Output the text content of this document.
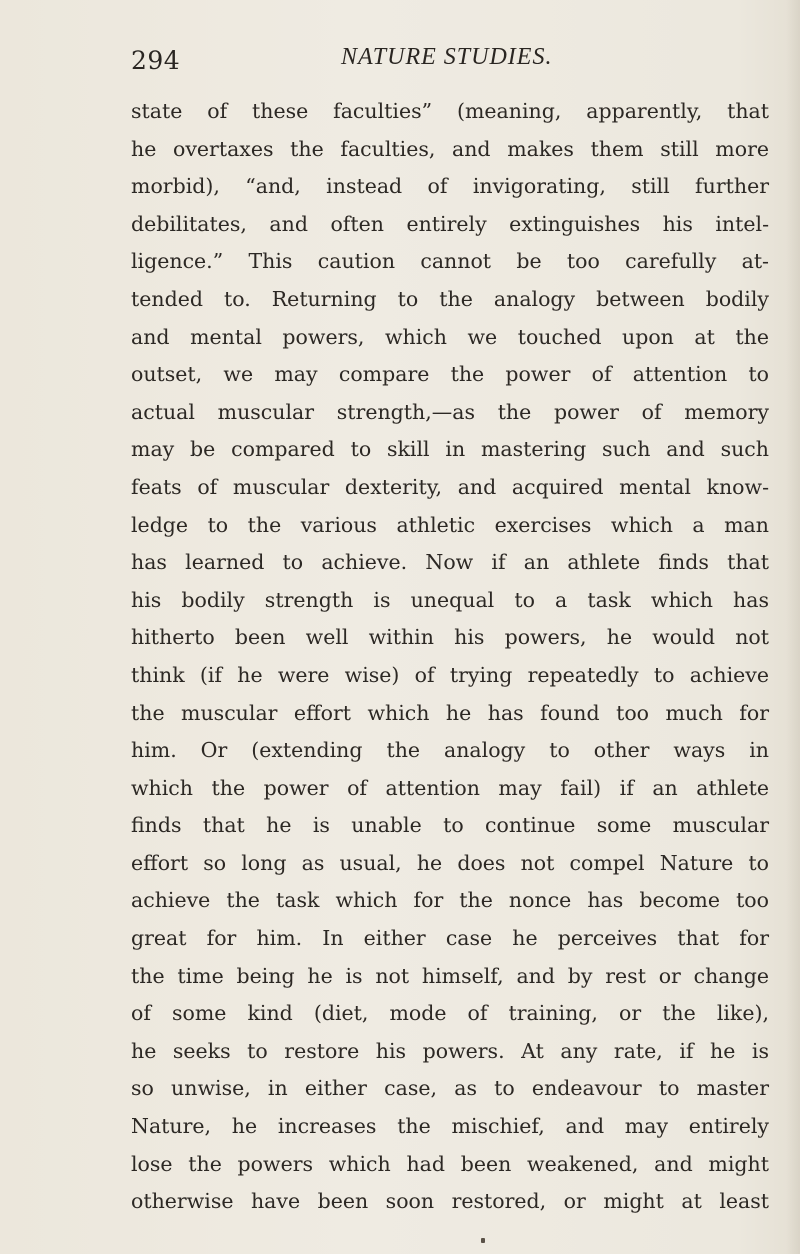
294	NATURE STUDIES.
state of these faculties” (meaning, apparently, that
he overtaxes the faculties, and makes them still more
morbid), “and, instead of invigorating, still further
debilitates, and often entirely extinguishes his intel-
ligence.” This caution cannot be too carefully at-
tended to. Returning to the analogy between bodily
and mental powers, which we touched upon at the
outset, we may compare the power of attention to
actual muscular strength,—as the power of memory
may be compared to skill in mastering such and such
feats of muscular dexterity, and acquired mental know-
ledge to the various athletic exercises which a man
has learned to achieve. Now if an athlete finds that
his bodily strength is unequal to a task which has
hitherto been well within his powers, he would not
think (if he were wise) of trying repeatedly to achieve
the muscular effort which he has found too much for
him. Or (extending the analogy to other ways in
which the power of attention may fail) if an athlete
finds that he is unable to continue some muscular
effort so long as usual, he does not compel Nature to
achieve the task which for the nonce has become too
great for him. In either case he perceives that for
the time being he is not himself, and by rest or change
of some kind (diet, mode of training, or the like),
he seeks to restore his powers. At any rate, if he is
so unwise, in either case, as to endeavour to master
Nature, he increases the mischief, and may entirely
lose the powers which had been weakened, and might
otherwise have been soon restored, or might at least
